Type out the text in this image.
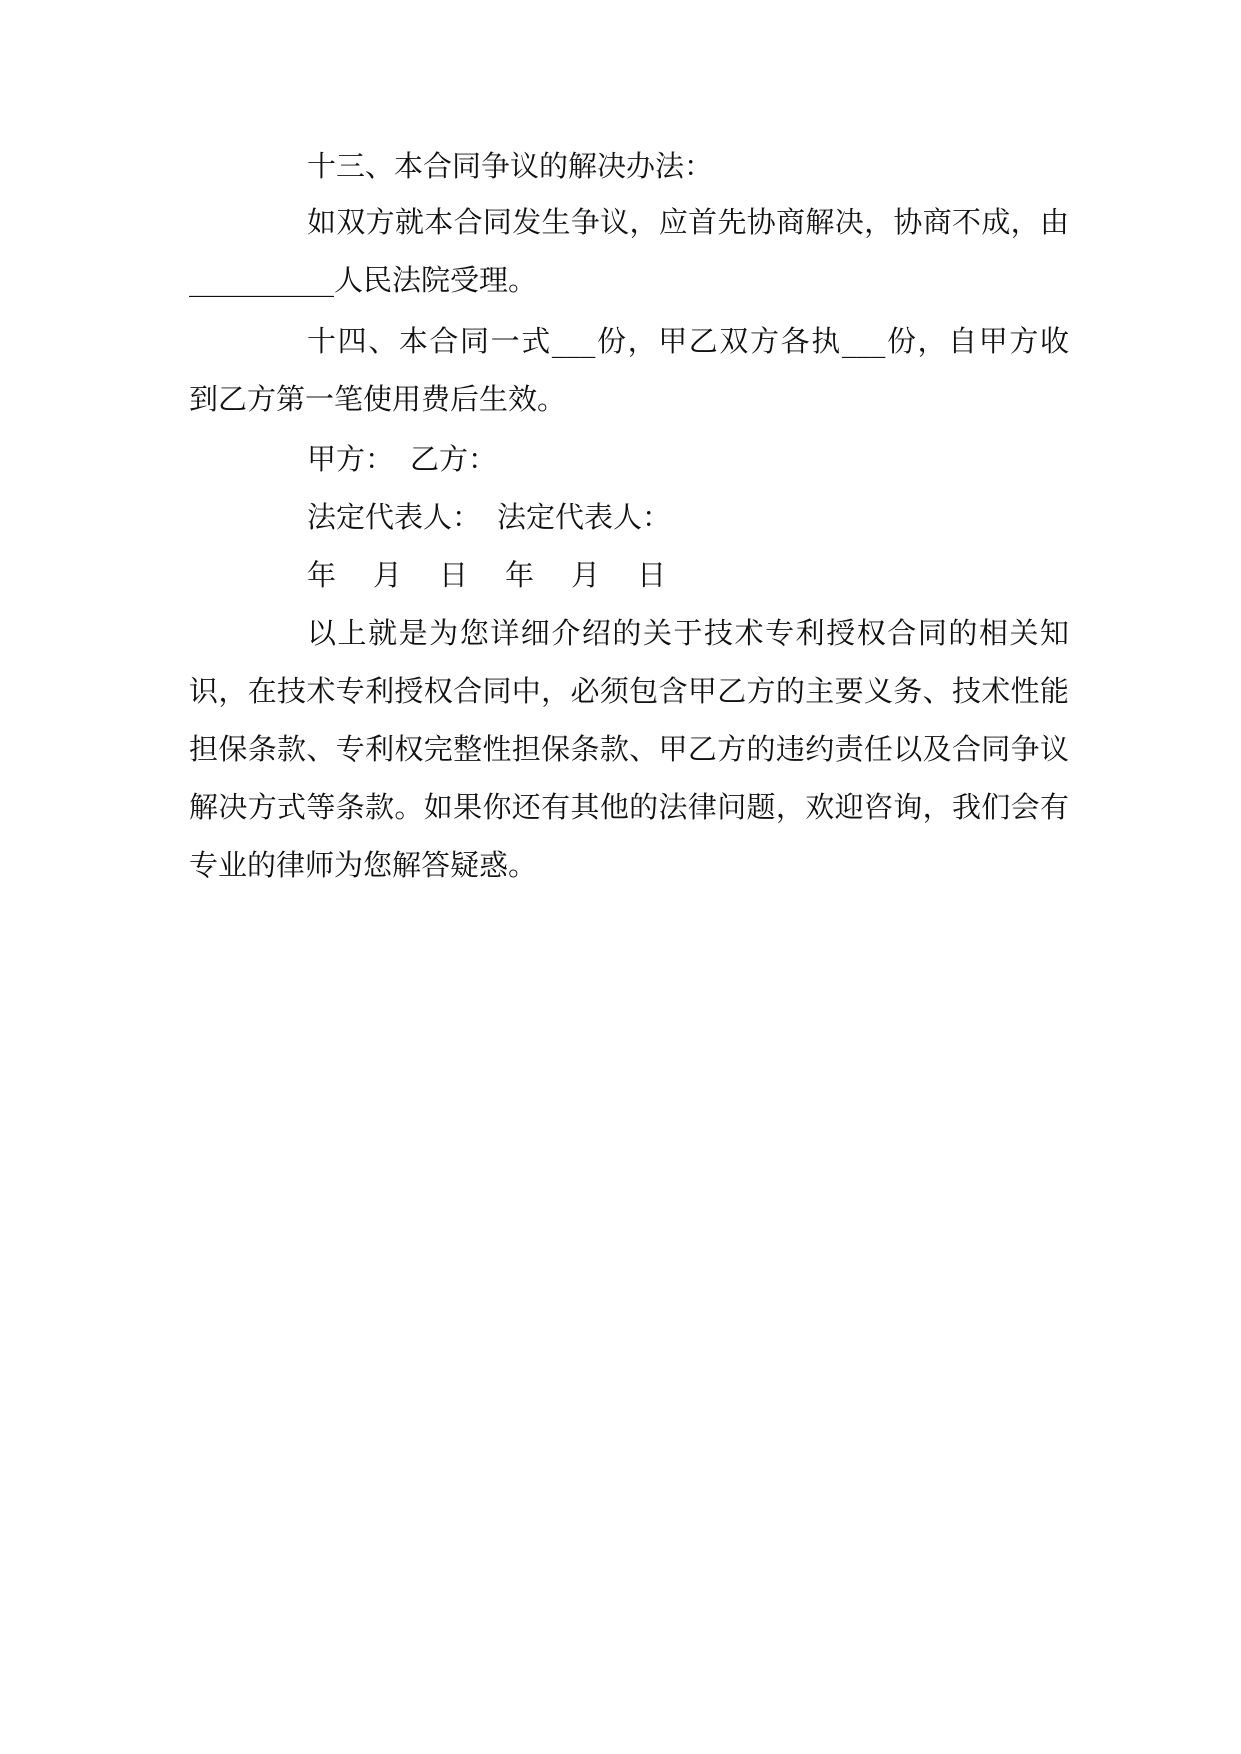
十三、本合同争议的解决办法：

如双方就本合同发生争议，应首先协商解决，协商不成，由
__________人民法院受理。

十四、本合同一式___份，甲乙双方各执___份，自甲方收
到乙方第一笔使用费后生效。

甲方： 乙方：

法定代表人： 法定代表人：

年 月 日 年 月 日

以上就是为您详细介绍的关于技术专利授权合同的相关知
识，在技术专利授权合同中，必须包含甲乙方的主要义务、技术性能
担保条款、专利权完整性担保条款、甲乙方的违约责任以及合同争议
解决方式等条款。如果你还有其他的法律问题，欢迎咨询，我们会有
专业的律师为您解答疑惑。
